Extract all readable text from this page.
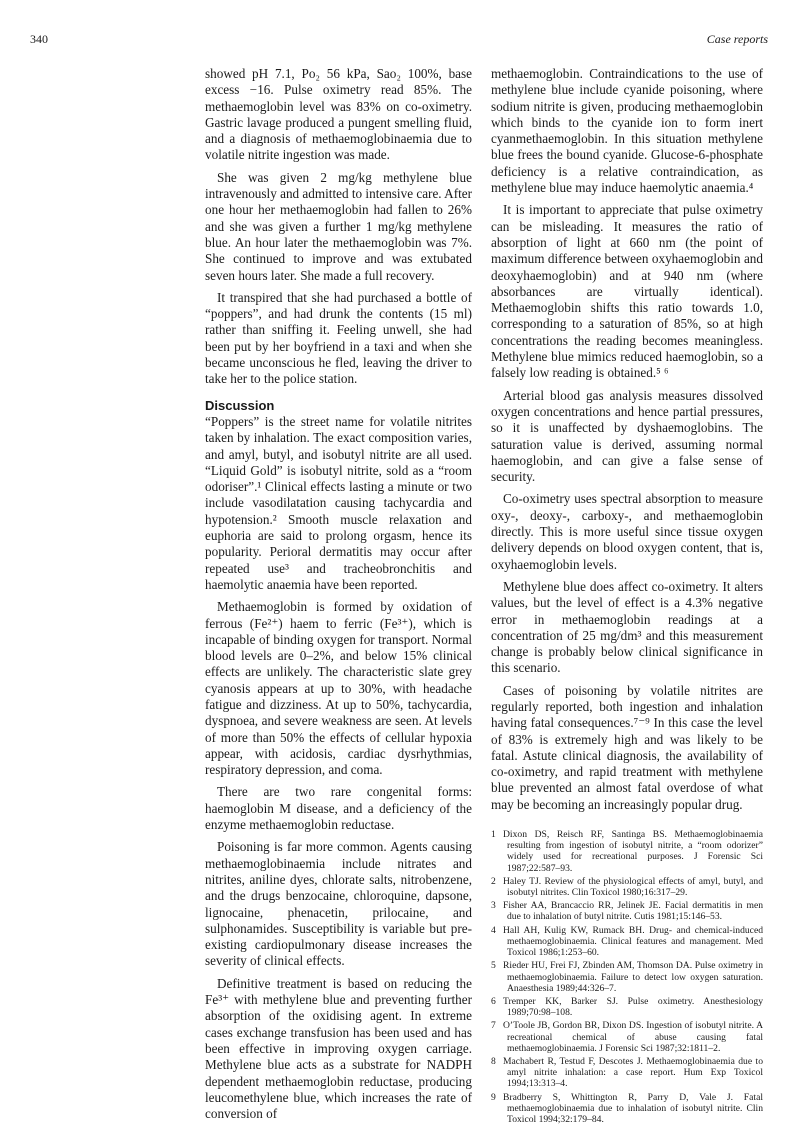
340	Case reports

showed pH 7.1, Po₂ 56 kPa, Sao₂ 100%, base excess −16. Pulse oximetry read 85%. The methaemoglobin level was 83% on co-oximetry. Gastric lavage produced a pungent smelling fluid, and a diagnosis of methaemoglobinaemia due to volatile nitrite ingestion was made.

She was given 2 mg/kg methylene blue intravenously and admitted to intensive care. After one hour her methaemoglobin had fallen to 26% and she was given a further 1 mg/kg methylene blue. An hour later the methaemoglobin was 7%. She continued to improve and was extubated seven hours later. She made a full recovery.

It transpired that she had purchased a bottle of “poppers”, and had drunk the contents (15 ml) rather than sniffing it. Feeling unwell, she had been put by her boyfriend in a taxi and when she became unconscious he fled, leaving the driver to take her to the police station.

Discussion

“Poppers” is the street name for volatile nitrites taken by inhalation. The exact composition varies, and amyl, butyl, and isobutyl nitrite are all used. “Liquid Gold” is isobutyl nitrite, sold as a “room odoriser”.¹ Clinical effects lasting a minute or two include vasodilatation causing tachycardia and hypotension.² Smooth muscle relaxation and euphoria are said to prolong orgasm, hence its popularity. Perioral dermatitis may occur after repeated use³ and tracheobronchitis and haemolytic anaemia have been reported.

Methaemoglobin is formed by oxidation of ferrous (Fe²⁺) haem to ferric (Fe³⁺), which is incapable of binding oxygen for transport. Normal blood levels are 0–2%, and below 15% clinical effects are unlikely. The characteristic slate grey cyanosis appears at up to 30%, with headache fatigue and dizziness. At up to 50%, tachycardia, dyspnoea, and severe weakness are seen. At levels of more than 50% the effects of cellular hypoxia appear, with acidosis, cardiac dysrhythmias, respiratory depression, and coma.

There are two rare congenital forms: haemoglobin M disease, and a deficiency of the enzyme methaemoglobin reductase.

Poisoning is far more common. Agents causing methaemoglobinaemia include nitrates and nitrites, aniline dyes, chlorate salts, nitrobenzene, and the drugs benzocaine, chloroquine, dapsone, lignocaine, phenacetin, prilocaine, and sulphonamides. Susceptibility is variable but pre-existing cardiopulmonary disease increases the severity of clinical effects.

Definitive treatment is based on reducing the Fe³⁺ with methylene blue and preventing further absorption of the oxidising agent. In extreme cases exchange transfusion has been used and has been effective in improving oxygen carriage. Methylene blue acts as a substrate for NADPH dependent methaemoglobin reductase, producing leucomethylene blue, which increases the rate of conversion of

methaemoglobin. Contraindications to the use of methylene blue include cyanide poisoning, where sodium nitrite is given, producing methaemoglobin which binds to the cyanide ion to form inert cyanmethaemoglobin. In this situation methylene blue frees the bound cyanide. Glucose-6-phosphate deficiency is a relative contraindication, as methylene blue may induce haemolytic anaemia.⁴

It is important to appreciate that pulse oximetry can be misleading. It measures the ratio of absorption of light at 660 nm (the point of maximum difference between oxyhaemoglobin and deoxyhaemoglobin) and at 940 nm (where absorbances are virtually identical). Methaemoglobin shifts this ratio towards 1.0, corresponding to a saturation of 85%, so at high concentrations the reading becomes meaningless. Methylene blue mimics reduced haemoglobin, so a falsely low reading is obtained.⁵ ⁶

Arterial blood gas analysis measures dissolved oxygen concentrations and hence partial pressures, so it is unaffected by dyshaemoglobins. The saturation value is derived, assuming normal haemoglobin, and can give a false sense of security.

Co-oximetry uses spectral absorption to measure oxy-, deoxy-, carboxy-, and methaemoglobin directly. This is more useful since tissue oxygen delivery depends on blood oxygen content, that is, oxyhaemoglobin levels.

Methylene blue does affect co-oximetry. It alters values, but the level of effect is a 4.3% negative error in methaemoglobin readings at a concentration of 25 mg/dm³ and this measurement change is probably below clinical significance in this scenario.

Cases of poisoning by volatile nitrites are regularly reported, both ingestion and inhalation having fatal consequences.⁷⁻⁹ In this case the level of 83% is extremely high and was likely to be fatal. Astute clinical diagnosis, the availability of co-oximetry, and rapid treatment with methylene blue prevented an almost fatal overdose of what may be becoming an increasingly popular drug.

1 Dixon DS, Reisch RF, Santinga BS. Methaemoglobinaemia resulting from ingestion of isobutyl nitrite, a “room odorizer” widely used for recreational purposes. J Forensic Sci 1987;22:587–93.
2 Haley TJ. Review of the physiological effects of amyl, butyl, and isobutyl nitrites. Clin Toxicol 1980;16:317–29.
3 Fisher AA, Brancaccio RR, Jelinek JE. Facial dermatitis in men due to inhalation of butyl nitrite. Cutis 1981;15:146–53.
4 Hall AH, Kulig KW, Rumack BH. Drug- and chemical-induced methaemoglobinaemia. Clinical features and management. Med Toxicol 1986;1:253–60.
5 Rieder HU, Frei FJ, Zbinden AM, Thomson DA. Pulse oximetry in methaemoglobinaemia. Failure to detect low oxygen saturation. Anaesthesia 1989;44:326–7.
6 Tremper KK, Barker SJ. Pulse oximetry. Anesthesiology 1989;70:98–108.
7 O’Toole JB, Gordon BR, Dixon DS. Ingestion of isobutyl nitrite. A recreational chemical of abuse causing fatal methaemoglobinaemia. J Forensic Sci 1987;32:1811–2.
8 Machabert R, Testud F, Descotes J. Methaemoglobinaemia due to amyl nitrite inhalation: a case report. Hum Exp Toxicol 1994;13:313–4.
9 Bradberry S, Whittington R, Parry D, Vale J. Fatal methaemoglobinaemia due to inhalation of isobutyl nitrite. Clin Toxicol 1994;32:179–84.
